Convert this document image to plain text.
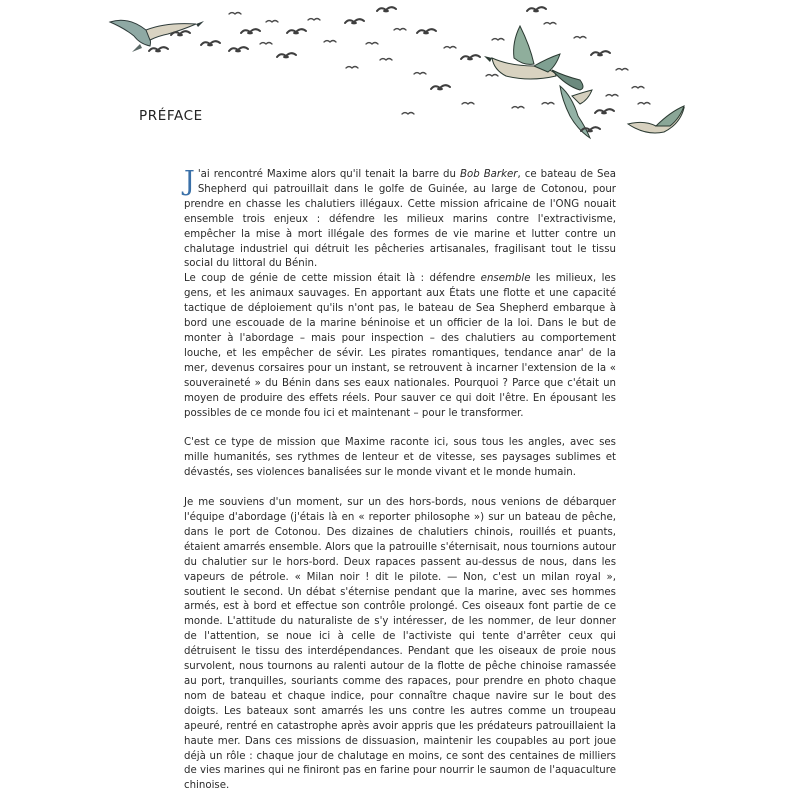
PRÉFACE

J 'ai rencontré Maxime alors qu'il tenait la barre du Bob Barker, ce bateau de Sea Shepherd qui patrouillait dans le golfe de Guinée, au large de Cotonou, pour prendre en chasse les chalutiers illégaux. Cette mission africaine de l'ONG nouait ensemble trois enjeux : défendre les milieux marins contre l'extractivisme, empêcher la mise à mort illégale des formes de vie marine et lutter contre un chalutage industriel qui détruit les pêcheries artisanales, fragilisant tout le tissu social du littoral du Bénin.

Le coup de génie de cette mission était là : défendre ensemble les milieux, les gens, et les animaux sauvages. En apportant aux États une flotte et une capacité tactique de déploiement qu'ils n'ont pas, le bateau de Sea Shepherd embarque à bord une escouade de la marine béninoise et un officier de la loi. Dans le but de monter à l'abordage – mais pour inspection – des chalutiers au comportement louche, et les empêcher de sévir. Les pirates romantiques, tendance anar' de la mer, devenus corsaires pour un instant, se retrouvent à incarner l'extension de la « souveraineté » du Bénin dans ses eaux nationales. Pourquoi ? Parce que c'était un moyen de produire des effets réels. Pour sauver ce qui doit l'être. En épousant les possibles de ce monde fou ici et maintenant – pour le transformer.

C'est ce type de mission que Maxime raconte ici, sous tous les angles, avec ses mille humanités, ses rythmes de lenteur et de vitesse, ses paysages sublimes et dévastés, ses violences banalisées sur le monde vivant et le monde humain.

Je me souviens d'un moment, sur un des hors-bords, nous venions de débarquer l'équipe d'abordage (j'étais là en « reporter philosophe ») sur un bateau de pêche, dans le port de Cotonou. Des dizaines de chalutiers chinois, rouillés et puants, étaient amarrés ensemble. Alors que la patrouille s'éternisait, nous tournions autour du chalutier sur le hors-bord. Deux rapaces passent au-dessus de nous, dans les vapeurs de pétrole. « Milan noir ! dit le pilote. — Non, c'est un milan royal », soutient le second. Un débat s'éternise pendant que la marine, avec ses hommes armés, est à bord et effectue son contrôle prolongé. Ces oiseaux font partie de ce monde. L'attitude du naturaliste de s'y intéresser, de les nommer, de leur donner de l'attention, se noue ici à celle de l'activiste qui tente d'arrêter ceux qui détruisent le tissu des interdépendances. Pendant que les oiseaux de proie nous survolent, nous tournons au ralenti autour de la flotte de pêche chinoise ramassée au port, tranquilles, souriants comme des rapaces, pour prendre en photo chaque nom de bateau et chaque indice, pour connaître chaque navire sur le bout des doigts. Les bateaux sont amarrés les uns contre les autres comme un troupeau apeuré, rentré en catastrophe après avoir appris que les prédateurs patrouillaient la haute mer. Dans ces missions de dissuasion, maintenir les coupables au port joue déjà un rôle : chaque jour de chalutage en moins, ce sont des centaines de milliers de vies marines qui ne finiront pas en farine pour nourrir le saumon de l'aquaculture chinoise.
